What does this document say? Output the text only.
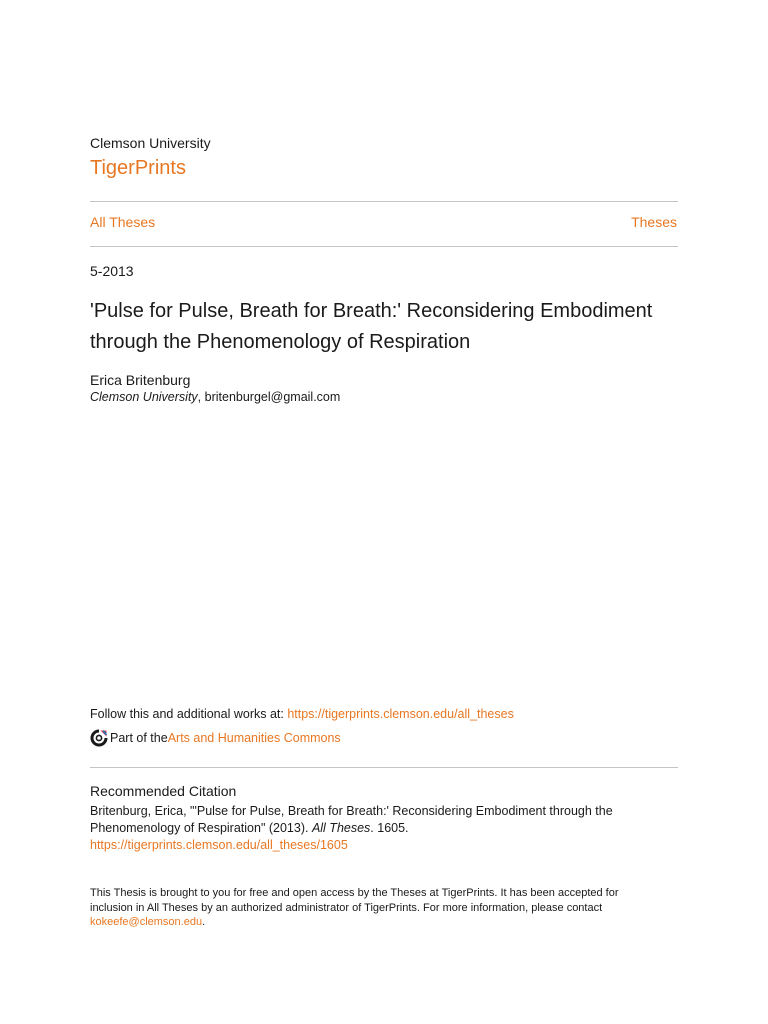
Clemson University
TigerPrints
All Theses	Theses
5-2013
'Pulse for Pulse, Breath for Breath:' Reconsidering Embodiment through the Phenomenology of Respiration
Erica Britenburg
Clemson University, britenburgel@gmail.com
Follow this and additional works at: https://tigerprints.clemson.edu/all_theses
Part of the Arts and Humanities Commons
Recommended Citation
Britenburg, Erica, "'Pulse for Pulse, Breath for Breath:' Reconsidering Embodiment through the Phenomenology of Respiration" (2013). All Theses. 1605.
https://tigerprints.clemson.edu/all_theses/1605
This Thesis is brought to you for free and open access by the Theses at TigerPrints. It has been accepted for inclusion in All Theses by an authorized administrator of TigerPrints. For more information, please contact kokeefe@clemson.edu.
